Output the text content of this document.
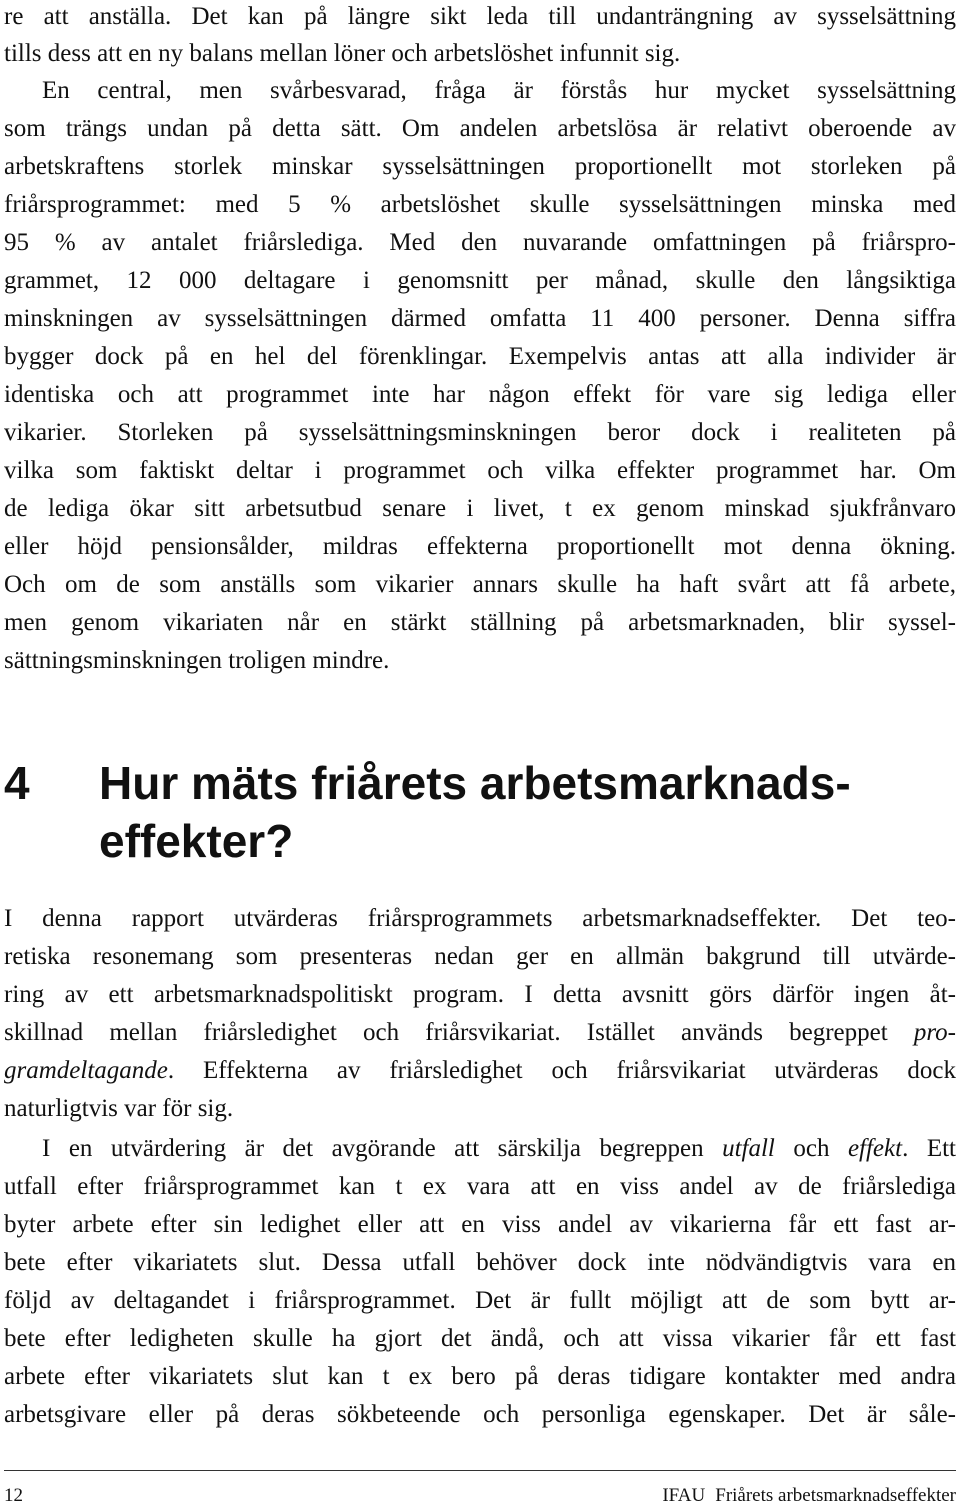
re att anställa. Det kan på längre sikt leda till undanträngning av sysselsättning

tills dess att en ny balans mellan löner och arbetslöshet infunnit sig.

En central, men svårbesvarad, fråga är förstås hur mycket sysselsättning

som trängs undan på detta sätt. Om andelen arbetslösa är relativt oberoende av

arbetskraftens storlek minskar sysselsättningen proportionellt mot storleken på

friårsprogrammet: med 5 % arbetslöshet skulle sysselsättningen minska med

95 % av antalet friårslediga. Med den nuvarande omfattningen på friårspro-

grammet, 12 000 deltagare i genomsnitt per månad, skulle den långsiktiga

minskningen av sysselsättningen därmed omfatta 11 400 personer. Denna siffra

bygger dock på en hel del förenklingar. Exempelvis antas att alla individer är

identiska och att programmet inte har någon effekt för vare sig lediga eller

vikarier. Storleken på sysselsättningsminskningen beror dock i realiteten på

vilka som faktiskt deltar i programmet och vilka effekter programmet har. Om

de lediga ökar sitt arbetsutbud senare i livet, t ex genom minskad sjukfrånvaro

eller höjd pensionsålder, mildras effekterna proportionellt mot denna ökning.

Och om de som anställs som vikarier annars skulle ha haft svårt att få arbete,

men genom vikariaten når en stärkt ställning på arbetsmarknaden, blir syssel-

sättningsminskningen troligen mindre.

4 Hur mäts friårets arbetsmarknads-
effekter?

I denna rapport utvärderas friårsprogrammets arbetsmarknadseffekter. Det teo-

retiska resonemang som presenteras nedan ger en allmän bakgrund till utvärde-

ring av ett arbetsmarknadspolitiskt program. I detta avsnitt görs därför ingen åt-

skillnad mellan friårsledighet och friårsvikariat. Istället används begreppet pro-

gramdeltagande. Effekterna av friårsledighet och friårsvikariat utvärderas dock

naturligtvis var för sig.

I en utvärdering är det avgörande att särskilja begreppen utfall och effekt. Ett

utfall efter friårsprogrammet kan t ex vara att en viss andel av de friårslediga

byter arbete efter sin ledighet eller att en viss andel av vikarierna får ett fast ar-

bete efter vikariatets slut. Dessa utfall behöver dock inte nödvändigtvis vara en

följd av deltagandet i friårsprogrammet. Det är fullt möjligt att de som bytt ar-

bete efter ledigheten skulle ha gjort det ändå, och att vissa vikarier får ett fast

arbete efter vikariatets slut kan t ex bero på deras tidigare kontakter med andra

arbetsgivare eller på deras sökbeteende och personliga egenskaper. Det är såle-

12	IFAU Friårets arbetsmarknadseffekter
